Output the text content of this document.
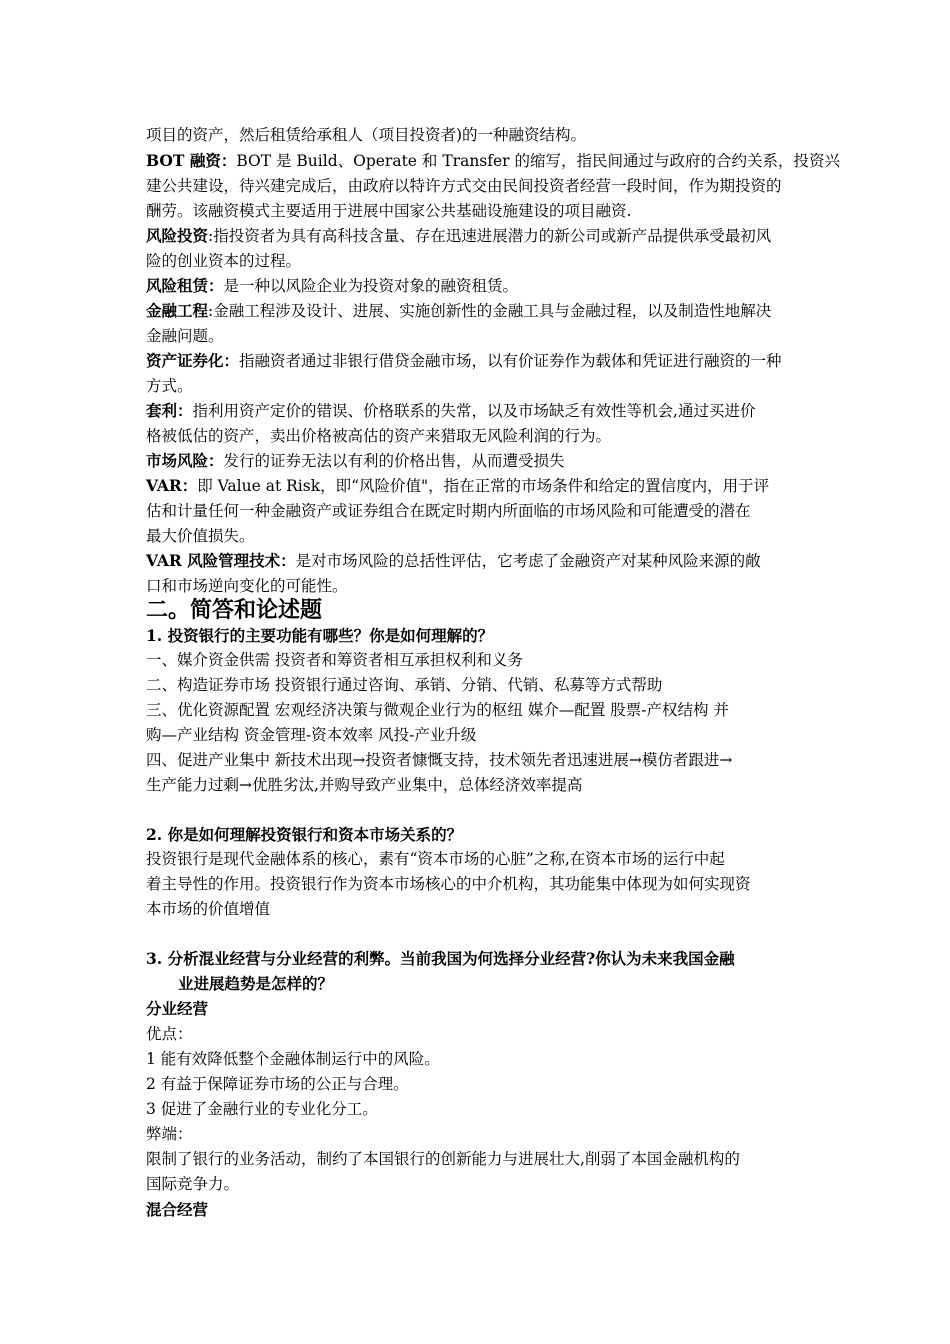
项目的资产，然后租赁给承租人（项目投资者)的一种融资结构。

BOT 融资：BOT 是 Build、Operate 和 Transfer 的缩写，指民间通过与政府的合约关系，投资兴
建公共建设，待兴建完成后，由政府以特许方式交由民间投资者经营一段时间，作为期投资的
酬劳。该融资模式主要适用于进展中国家公共基础设施建设的项目融资.

风险投资:指投资者为具有高科技含量、存在迅速进展潜力的新公司或新产品提供承受最初风
险的创业资本的过程。

风险租赁：是一种以风险企业为投资对象的融资租赁。

金融工程:金融工程涉及设计、进展、实施创新性的金融工具与金融过程，以及制造性地解决
金融问题。

资产证券化：指融资者通过非银行借贷金融市场，以有价证券作为载体和凭证进行融资的一种
方式。

套利：指利用资产定价的错误、价格联系的失常，以及市场缺乏有效性等机会,通过买进价
格被低估的资产，卖出价格被高估的资产来猎取无风险利润的行为。

市场风险：发行的证券无法以有利的价格出售，从而遭受损失

VAR：即 Value at Risk，即“风险价值"，指在正常的市场条件和给定的置信度内，用于评
估和计量任何一种金融资产或证券组合在既定时期内所面临的市场风险和可能遭受的潜在
最大价值损失。

VAR 风险管理技术：是对市场风险的总括性评估，它考虑了金融资产对某种风险来源的敞
口和市场逆向变化的可能性。

二。简答和论述题

1. 投资银行的主要功能有哪些？你是如何理解的？

一、媒介资金供需 投资者和筹资者相互承担权利和义务
二、构造证券市场 投资银行通过咨询、承销、分销、代销、私募等方式帮助
三、优化资源配置 宏观经济决策与微观企业行为的枢纽 媒介—配置 股票-产权结构 并
购—产业结构 资金管理-资本效率 风投-产业升级
四、促进产业集中 新技术出现→投资者慷慨支持，技术领先者迅速进展→模仿者跟进→
生产能力过剩→优胜劣汰,并购导致产业集中，总体经济效率提高

2. 你是如何理解投资银行和资本市场关系的？

投资银行是现代金融体系的核心，素有“资本市场的心脏”之称,在资本市场的运行中起
着主导性的作用。投资银行作为资本市场核心的中介机构，其功能集中体现为如何实现资
本市场的价值增值

3. 分析混业经营与分业经营的利弊。当前我国为何选择分业经营?你认为未来我国金融
业进展趋势是怎样的？

分业经营
优点：
1 能有效降低整个金融体制运行中的风险。
2 有益于保障证券市场的公正与合理。
3 促进了金融行业的专业化分工。
弊端：
限制了银行的业务活动，制约了本国银行的创新能力与进展壮大,削弱了本国金融机构的
国际竞争力。
混合经营
